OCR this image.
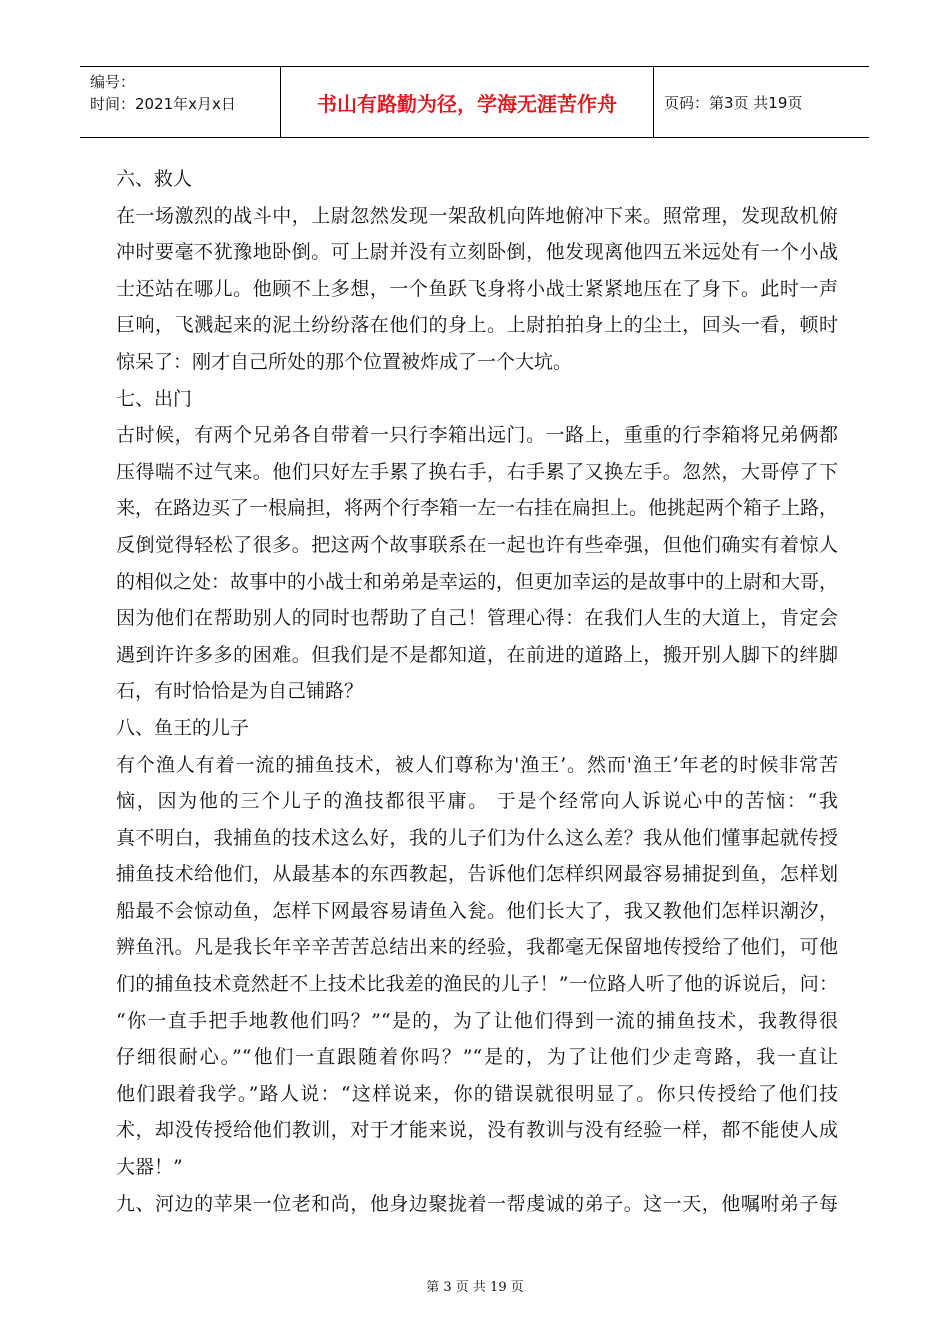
编号：
时间：2021年x月x日	书山有路勤为径，学海无涯苦作舟	页码：第3页 共19页
六、救人
在一场激烈的战斗中，上尉忽然发现一架敌机向阵地俯冲下来。照常理，发现敌机俯
冲时要毫不犹豫地卧倒。可上尉并没有立刻卧倒，他发现离他四五米远处有一个小战
士还站在哪儿。他顾不上多想，一个鱼跃飞身将小战士紧紧地压在了身下。此时一声
巨响，飞溅起来的泥土纷纷落在他们的身上。上尉拍拍身上的尘土，回头一看，顿时
惊呆了：刚才自己所处的那个位置被炸成了一个大坑。
七、出门
古时候，有两个兄弟各自带着一只行李箱出远门。一路上，重重的行李箱将兄弟俩都
压得喘不过气来。他们只好左手累了换右手，右手累了又换左手。忽然，大哥停了下
来，在路边买了一根扁担，将两个行李箱一左一右挂在扁担上。他挑起两个箱子上路，
反倒觉得轻松了很多。把这两个故事联系在一起也许有些牵强，但他们确实有着惊人
的相似之处：故事中的小战士和弟弟是幸运的，但更加幸运的是故事中的上尉和大哥，
因为他们在帮助别人的同时也帮助了自己！管理心得：在我们人生的大道上，肯定会
遇到许许多多的困难。但我们是不是都知道，在前进的道路上，搬开别人脚下的绊脚
石，有时恰恰是为自己铺路？
八、鱼王的儿子
有个渔人有着一流的捕鱼技术，被人们尊称为'渔王’。然而'渔王’年老的时候非常苦
恼，因为他的三个儿子的渔技都很平庸。 于是个经常向人诉说心中的苦恼：“我
真不明白，我捕鱼的技术这么好，我的儿子们为什么这么差？我从他们懂事起就传授
捕鱼技术给他们，从最基本的东西教起，告诉他们怎样织网最容易捕捉到鱼，怎样划
船最不会惊动鱼，怎样下网最容易请鱼入瓮。他们长大了，我又教他们怎样识潮汐，
辨鱼汛。凡是我长年辛辛苦苦总结出来的经验，我都毫无保留地传授给了他们，可他
们的捕鱼技术竟然赶不上技术比我差的渔民的儿子！”一位路人听了他的诉说后，问：
“你一直手把手地教他们吗？”“是的，为了让他们得到一流的捕鱼技术，我教得很
仔细很耐心。”“他们一直跟随着你吗？”“是的，为了让他们少走弯路，我一直让
他们跟着我学。”路人说：“这样说来，你的错误就很明显了。你只传授给了他们技
术，却没传授给他们教训，对于才能来说，没有教训与没有经验一样，都不能使人成
大器！”
九、河边的苹果一位老和尚，他身边聚拢着一帮虔诚的弟子。这一天，他嘱咐弟子每
第 3 页 共 19 页
